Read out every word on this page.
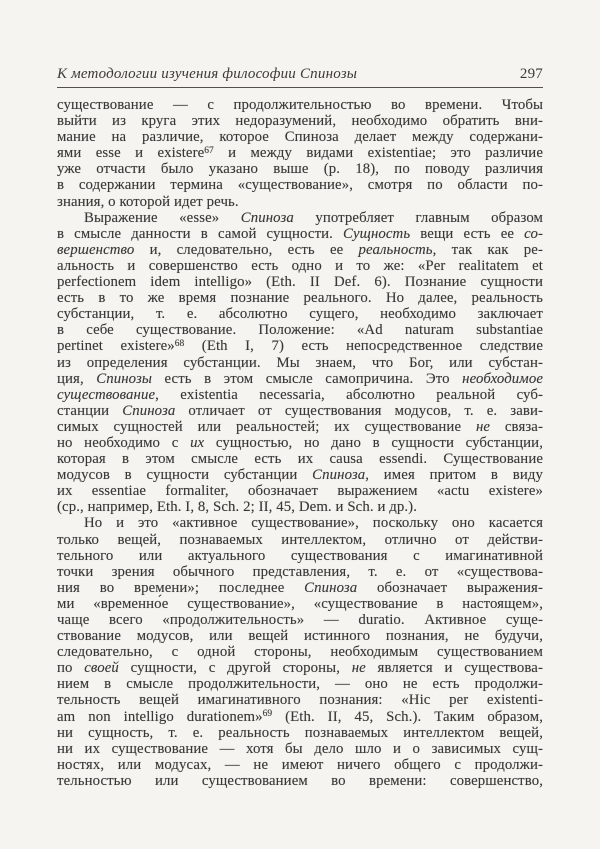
К методологии изучения философии Спинозы	297
существование — с продолжительностью во времени. Чтобы
выйти из круга этих недоразумений, необходимо обратить вни-
мание на различие, которое Спиноза делает между содержани-
ями esse и existere$^{67}$ и между видами existentiae; это различие
уже отчасти было указано выше (p. 18), по поводу различия
в содержании термина «существование», смотря по области по-
знания, о которой идет речь.
Выражение «esse» Спиноза употребляет главным образом
в смысле данности в самой сущности. Сущность вещи есть ее со-
вершенство и, следовательно, есть ее реальность, так как ре-
альность и совершенство есть одно и то же: «Per realitatem et
perfectionem idem intelligo» (Eth. II Def. 6). Познание сущности
есть в то же время познание реального. Но далее, реальность
субстанции, т. е. абсолютно сущего, необходимо заключает
в себе существование. Положение: «Ad naturam substantiae
pertinet existere»$^{68}$ (Eth I, 7) есть непосредственное следствие
из определения субстанции. Мы знаем, что Бог, или субстан-
ция, Спинозы есть в этом смысле самопричина. Это необходимое
существование, existentia necessaria, абсолютно реальной суб-
станции Спиноза отличает от существования модусов, т. е. зави-
симых сущностей или реальностей; их существование не связа-
но необходимо с их сущностью, но дано в сущности субстанции,
которая в этом смысле есть их causa essendi. Существование
модусов в сущности субстанции Спиноза, имея притом в виду
их essentiae formaliter, обозначает выражением «actu existere»
(ср., например, Eth. I, 8, Sch. 2; II, 45, Dem. и Sch. и др.).
Но и это «активное существование», поскольку оно касается
только вещей, познаваемых интеллектом, отлично от действи-
тельного или актуального существования с имагинативной
точки зрения обычного представления, т. е. от «существова-
ния во времени»; последнее Спиноза обозначает выражения-
ми «временно́е существование», «существование в настоящем»,
чаще всего «продолжительность» — duratio. Активное суще-
ствование модусов, или вещей истинного познания, не будучи,
следовательно, с одной стороны, необходимым существованием
по своей сущности, с другой стороны, не является и существова-
нием в смысле продолжительности, — оно не есть продолжи-
тельность вещей имагинативного познания: «Hic per existenti-
am non intelligo durationem»$^{69}$ (Eth. II, 45, Sch.). Таким образом,
ни сущность, т. е. реальность познаваемых интеллектом вещей,
ни их существование — хотя бы дело шло и о зависимых сущ-
ностях, или модусах, — не имеют ничего общего с продолжи-
тельностью или существованием во времени: совершенство,
